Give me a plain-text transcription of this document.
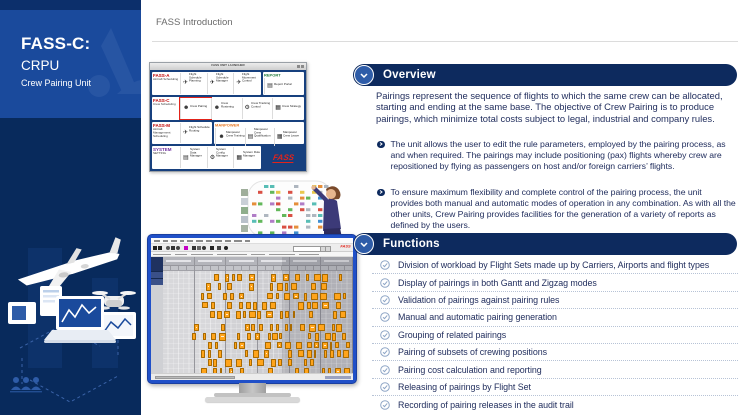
FASS-C:
CRPU
Crew Pairing Unit
FASS Introduction
FASS UNIT LAUNCHER
FASS-A
Aircraft Scheduling
✈
Flight Schedule Planning	✈
Flight Schedule Manager	✈
Flight Movement Control
REPORT
▤ Report Portal
FASS-C
Crew Scheduling
☻ Crew Pairing	☻
Crew Rostering	⚙
Crew Tracking Control	▦ Crew Strategy
FASS-M
Aircraft Management Scheduling
✈
Flight Schedule Routing
MANPOWER
☻
Manpower Crew Training ▤
Manpower Crew Qualification	▦
Manpower Crew Leave
SYSTEM
SETTING
▤
System Data Manager	⚙
System Config Manager	▦
System Rule Manager	FASS
FASS
Overview
Pairings represent the sequence of flights to which the same crew can be allocated, starting and ending at the same base. The objective of Crew Pairing is to produce pairings, which minimize total costs subject to legal, industrial and company rules.
The unit allows the user to edit the rule parameters, employed by the pairing process, as and when required. The pairings may include positioning (pax) flights whereby crew are repositioned by flying as passengers on host and/or foreign carriers’ flights.
To ensure maximum flexibility and complete control of the pairing process, the unit provides both manual and automatic modes of operation in any combination. As with all the other units, Crew Pairing provides facilities for the generation of a variety of reports as defined by the users.
Functions
Division of workload by Flight Sets made up by Carriers, Airports and flight types
Display of pairings in both Gantt and Zigzag modes
Validation of pairings against pairing rules
Manual and automatic pairing generation
Grouping of related pairings
Pairing of subsets of crewing positions
Pairing cost calculation and reporting
Releasing of pairings by Flight Set
Recording of pairing releases in the audit trail
